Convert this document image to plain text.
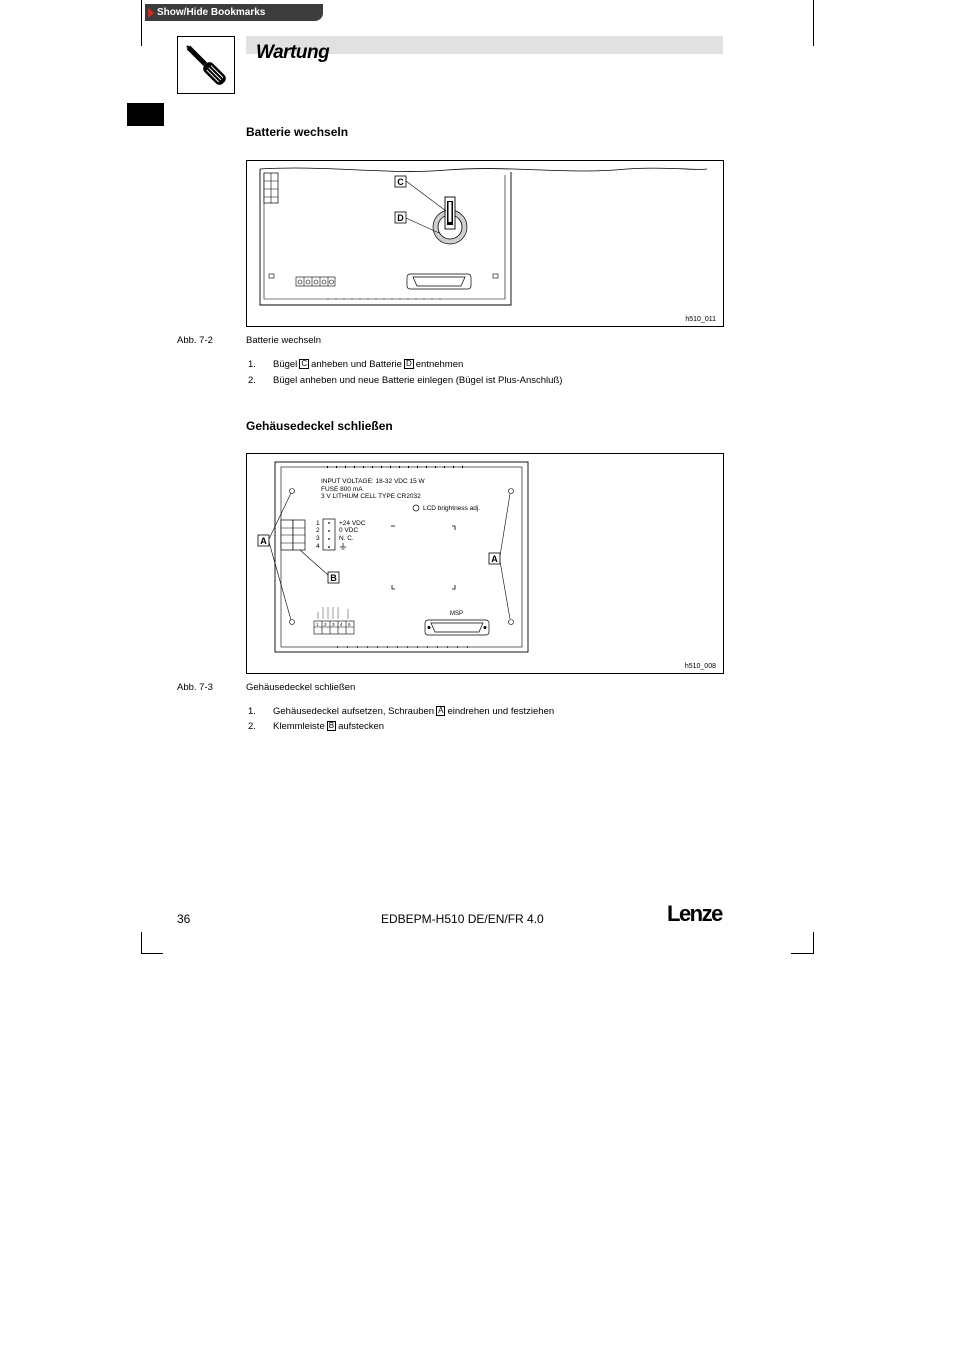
Show/Hide Bookmarks
Wartung
Batterie wechseln
C
D
h510_011
Abb. 7-2	Batterie wechseln
1. Bügel C anheben und Batterie D entnehmen
2. Bügel anheben und neue Batterie einlegen (Bügel ist Plus-Anschluß)
Gehäusedeckel schließen
INPUT VOLTAGE: 18-32 VDC 15 W
FUSE 800 mA
3 V LITHIUM CELL TYPE CR2032
LCD brightness adj.
1
2
3
4
+24 VDC
0 VDC
N. C.
1 2 3 4 5
MSP
A
B
A
h510_008
Abb. 7-3	Gehäusedeckel schließen
1. Gehäusedeckel aufsetzen, Schrauben A eindrehen und festziehen
2. Klemmleiste B aufstecken
36	EDBEPM-H510 DE/EN/FR 4.0	Lenze
